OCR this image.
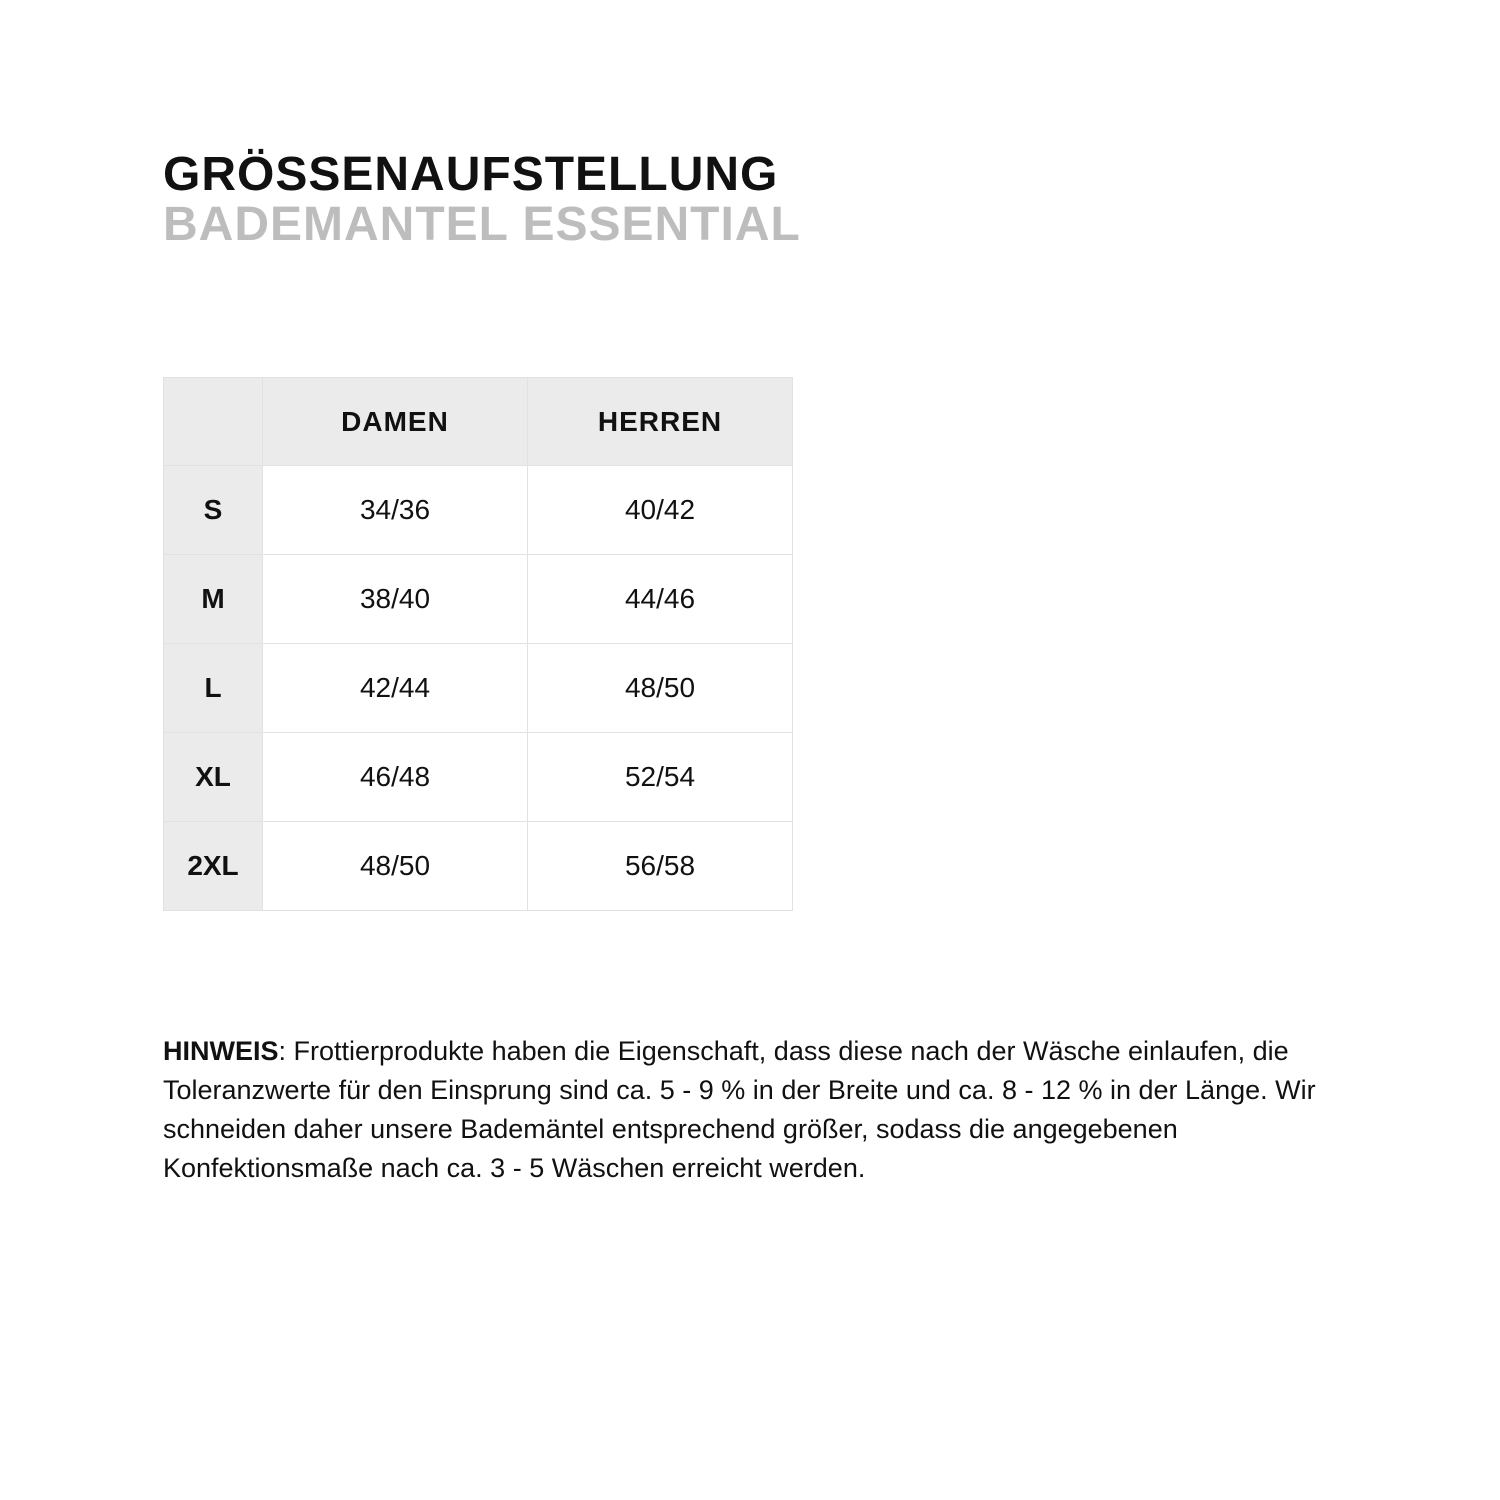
GRÖSSENAUFSTELLUNG
BADEMANTEL ESSENTIAL
	DAMEN	HERREN
S	34/36	40/42
M	38/40	44/46
L	42/44	48/50
XL	46/48	52/54
2XL	48/50	56/58

HINWEIS: Frottierprodukte haben die Eigenschaft, dass diese nach der Wäsche einlaufen, die Toleranzwerte für den Einsprung sind ca. 5 - 9 % in der Breite und ca. 8 - 12 % in der Länge. Wir schneiden daher unsere Bademäntel entsprechend größer, sodass die angegebenen Konfektionsmaße nach ca. 3 - 5 Wäschen erreicht werden.
